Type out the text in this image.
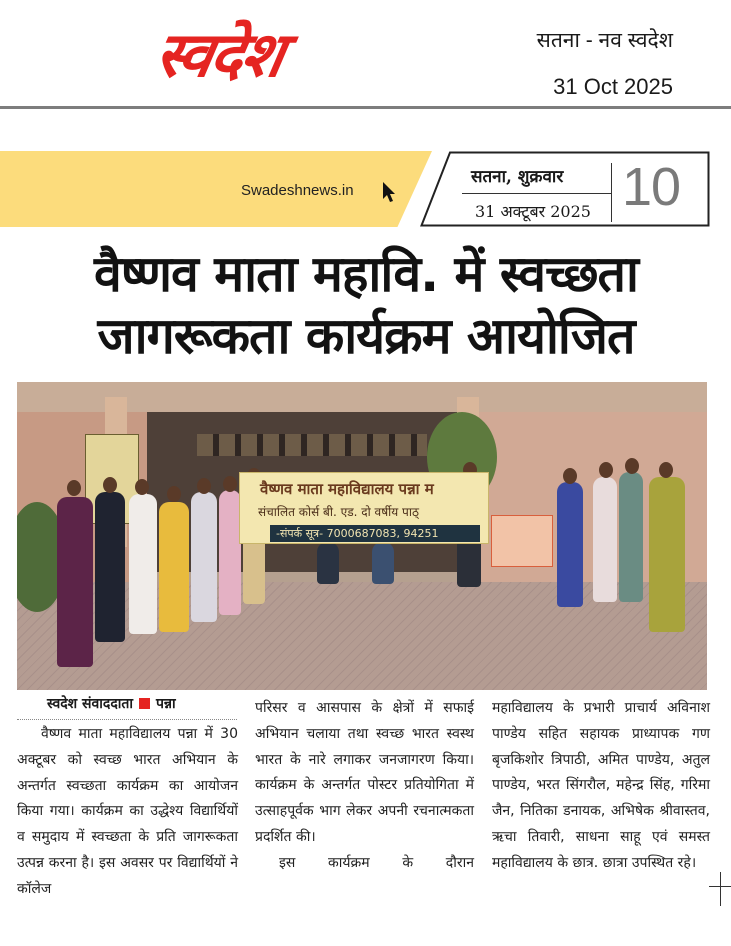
स्वदेश	सतना - नव स्वदेश
31 Oct 2025
Swadeshnews.in
सतना, शुक्रवार
31 अक्टूबर 2025 10
वैष्णव माता महावि. में स्वच्छता
जागरूकता कार्यक्रम आयोजित
वैष्णव माता महाविद्यालय पन्ना म
संचालित कोर्स बी. एड. दो वर्षीय पाठ्
-संपर्क सूत्र- 7000687083, 94251
स्वदेश संवाददाता पन्ना

वैष्णव माता महाविद्यालय पन्ना में 30 अक्टूबर को स्वच्छ भारत अभियान के अन्तर्गत स्वच्छता कार्यक्रम का आयोजन किया गया। कार्यक्रम का उद्धेश्य विद्यार्थियों व समुदाय में स्वच्छता के प्रति जागरूकता उत्पन्न करना है। इस अवसर पर विद्यार्थियों ने कॉलेज

परिसर व आसपास के क्षेत्रों में सफाई अभियान चलाया तथा स्वच्छ भारत स्वस्थ भारत के नारे लगाकर जनजागरण किया। कार्यक्रम के अन्तर्गत पोस्टर प्रतियोगिता में उत्साहपूर्वक भाग लेकर अपनी रचनात्मकता प्रदर्शित की।

इस कार्यक्रम के दौरान

महाविद्यालय के प्रभारी प्राचार्य अविनाश पाण्डेय सहित सहायक प्राध्यापक गण बृजकिशोर त्रिपाठी, अमित पाण्डेय, अतुल पाण्डेय, भरत सिंगरौल, महेन्द्र सिंह, गरिमा जैन, नितिका डनायक, अभिषेक श्रीवास्तव, ऋचा तिवारी, साधना साहू एवं समस्त महाविद्यालय के छात्र. छात्रा उपस्थित रहे।
